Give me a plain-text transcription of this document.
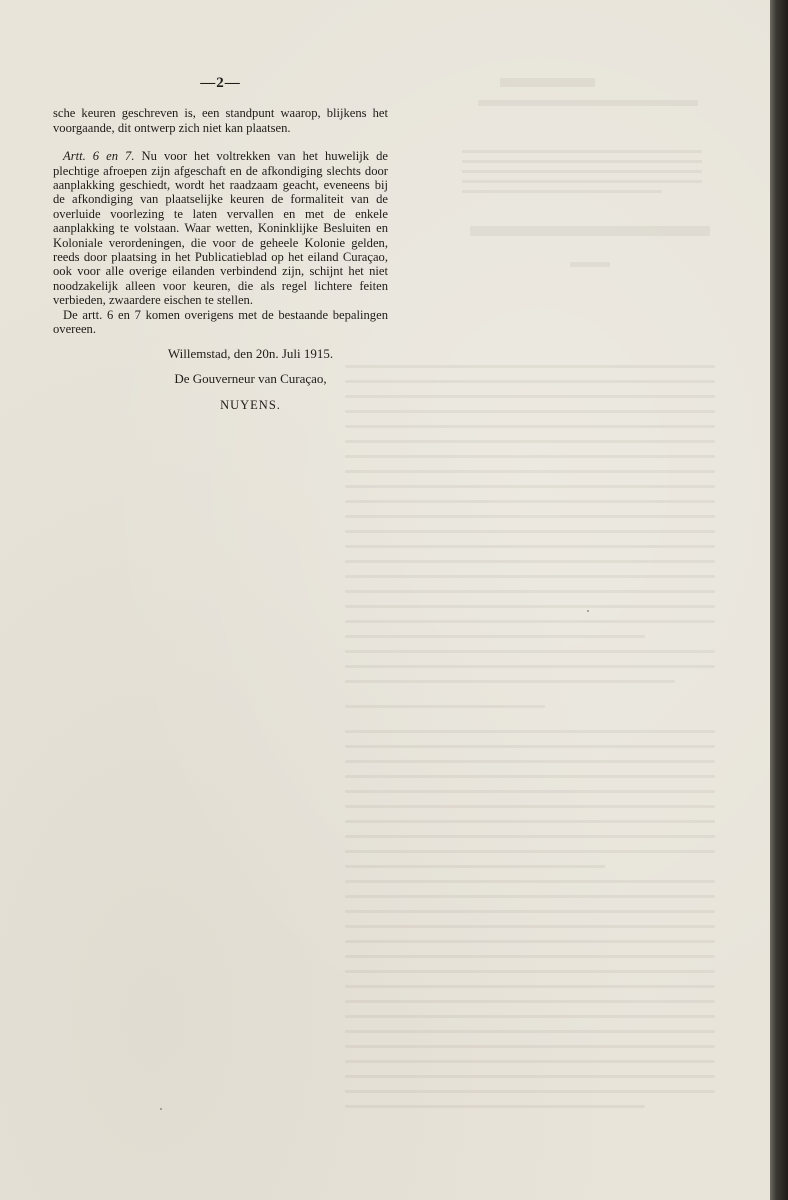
—2—

sche keuren geschreven is, een standpunt waarop, blijkens het voorgaande, dit ontwerp zich niet kan plaatsen.

Artt. 6 en 7. Nu voor het voltrekken van het huwelijk de plechtige afroepen zijn afgeschaft en de afkondiging slechts door aanplakking geschiedt, wordt het raadzaam geacht, eveneens bij de afkondiging van plaatselijke keuren de formaliteit van de overluide voorlezing te laten vervallen en met de enkele aanplakking te volstaan. Waar wetten, Koninklijke Besluiten en Koloniale verordeningen, die voor de geheele Kolonie gelden, reeds door plaatsing in het Publicatieblad op het eiland Curaçao, ook voor alle overige eilanden verbindend zijn, schijnt het niet noodzakelijk alleen voor keuren, die als regel lichtere feiten verbieden, zwaardere eischen te stellen.

De artt. 6 en 7 komen overigens met de bestaande bepalingen overeen.

Willemstad, den 20n. Juli 1915.
De Gouverneur van Curaçao,
NUYENS.
